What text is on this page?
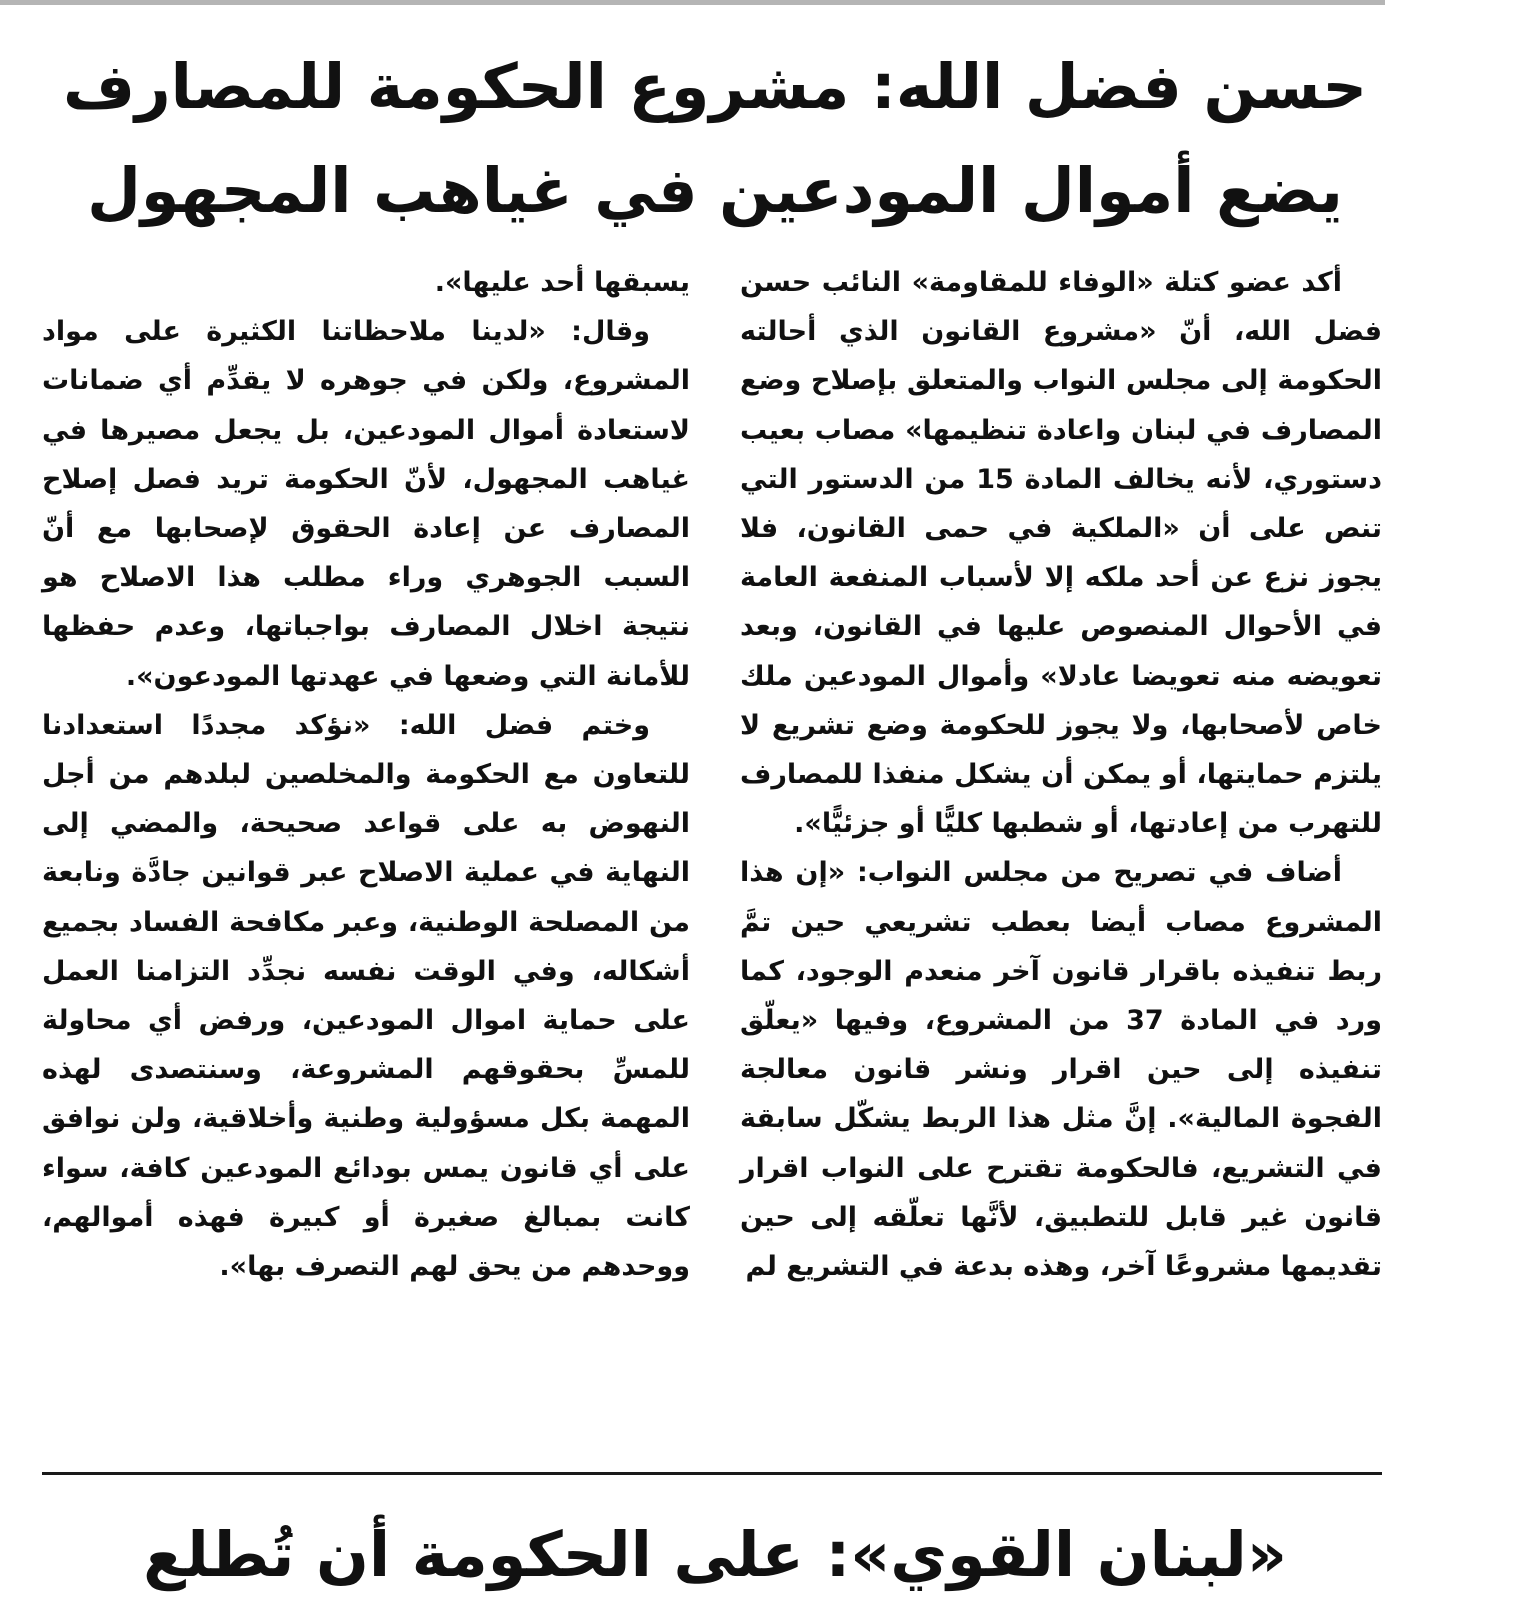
حسن فضل الله: مشروع الحكومة للمصارف
يضع أموال المودعين في غياهب المجهول

أكد عضو كتلة «الوفاء للمقاومة» النائب حسن فضل الله، أنّ «مشروع القانون الذي أحالته الحكومة إلى مجلس النواب والمتعلق بإصلاح وضع المصارف في لبنان واعادة تنظيمها» مصاب بعيب دستوري، لأنه يخالف المادة 15 من الدستور التي تنص على أن «الملكية في حمى القانون، فلا يجوز نزع عن أحد ملكه إلا لأسباب المنفعة العامة في الأحوال المنصوص عليها في القانون، وبعد تعويضه منه تعويضا عادلا» وأموال المودعين ملك خاص لأصحابها، ولا يجوز للحكومة وضع تشريع لا يلتزم حمايتها، أو يمكن أن يشكل منفذا للمصارف للتهرب من إعادتها، أو شطبها كليًّا أو جزئيًّا».

أضاف في تصريح من مجلس النواب: «إن هذا المشروع مصاب أيضا بعطب تشريعي حين تمَّ ربط تنفيذه باقرار قانون آخر منعدم الوجود، كما ورد في المادة 37 من المشروع، وفيها «يعلّق تنفيذه إلى حين اقرار ونشر قانون معالجة الفجوة المالية». إنَّ مثل هذا الربط يشكّل سابقة في التشريع، فالحكومة تقترح على النواب اقرار قانون غير قابل للتطبيق، لأنَّها تعلّقه إلى حين تقديمها مشروعًا آخر، وهذه بدعة في التشريع لم

يسبقها أحد عليها».

وقال: «لدينا ملاحظاتنا الكثيرة على مواد المشروع، ولكن في جوهره لا يقدِّم أي ضمانات لاستعادة أموال المودعين، بل يجعل مصيرها في غياهب المجهول، لأنّ الحكومة تريد فصل إصلاح المصارف عن إعادة الحقوق لإصحابها مع أنّ السبب الجوهري وراء مطلب هذا الاصلاح هو نتيجة اخلال المصارف بواجباتها، وعدم حفظها للأمانة التي وضعها في عهدتها المودعون».

وختم فضل الله: «نؤكد مجددًا استعدادنا للتعاون مع الحكومة والمخلصين لبلدهم من أجل النهوض به على قواعد صحيحة، والمضي إلى النهاية في عملية الاصلاح عبر قوانين جادَّة ونابعة من المصلحة الوطنية، وعبر مكافحة الفساد بجميع أشكاله، وفي الوقت نفسه نجدِّد التزامنا العمل على حماية اموال المودعين، ورفض أي محاولة للمسِّ بحقوقهم المشروعة، وسنتصدى لهذه المهمة بكل مسؤولية وطنية وأخلاقية، ولن نوافق على أي قانون يمس بودائع المودعين كافة، سواء كانت بمبالغ صغيرة أو كبيرة فهذه أموالهم، ووحدهم من يحق لهم التصرف بها».

«لبنان القوي»: على الحكومة أن تُطلع
